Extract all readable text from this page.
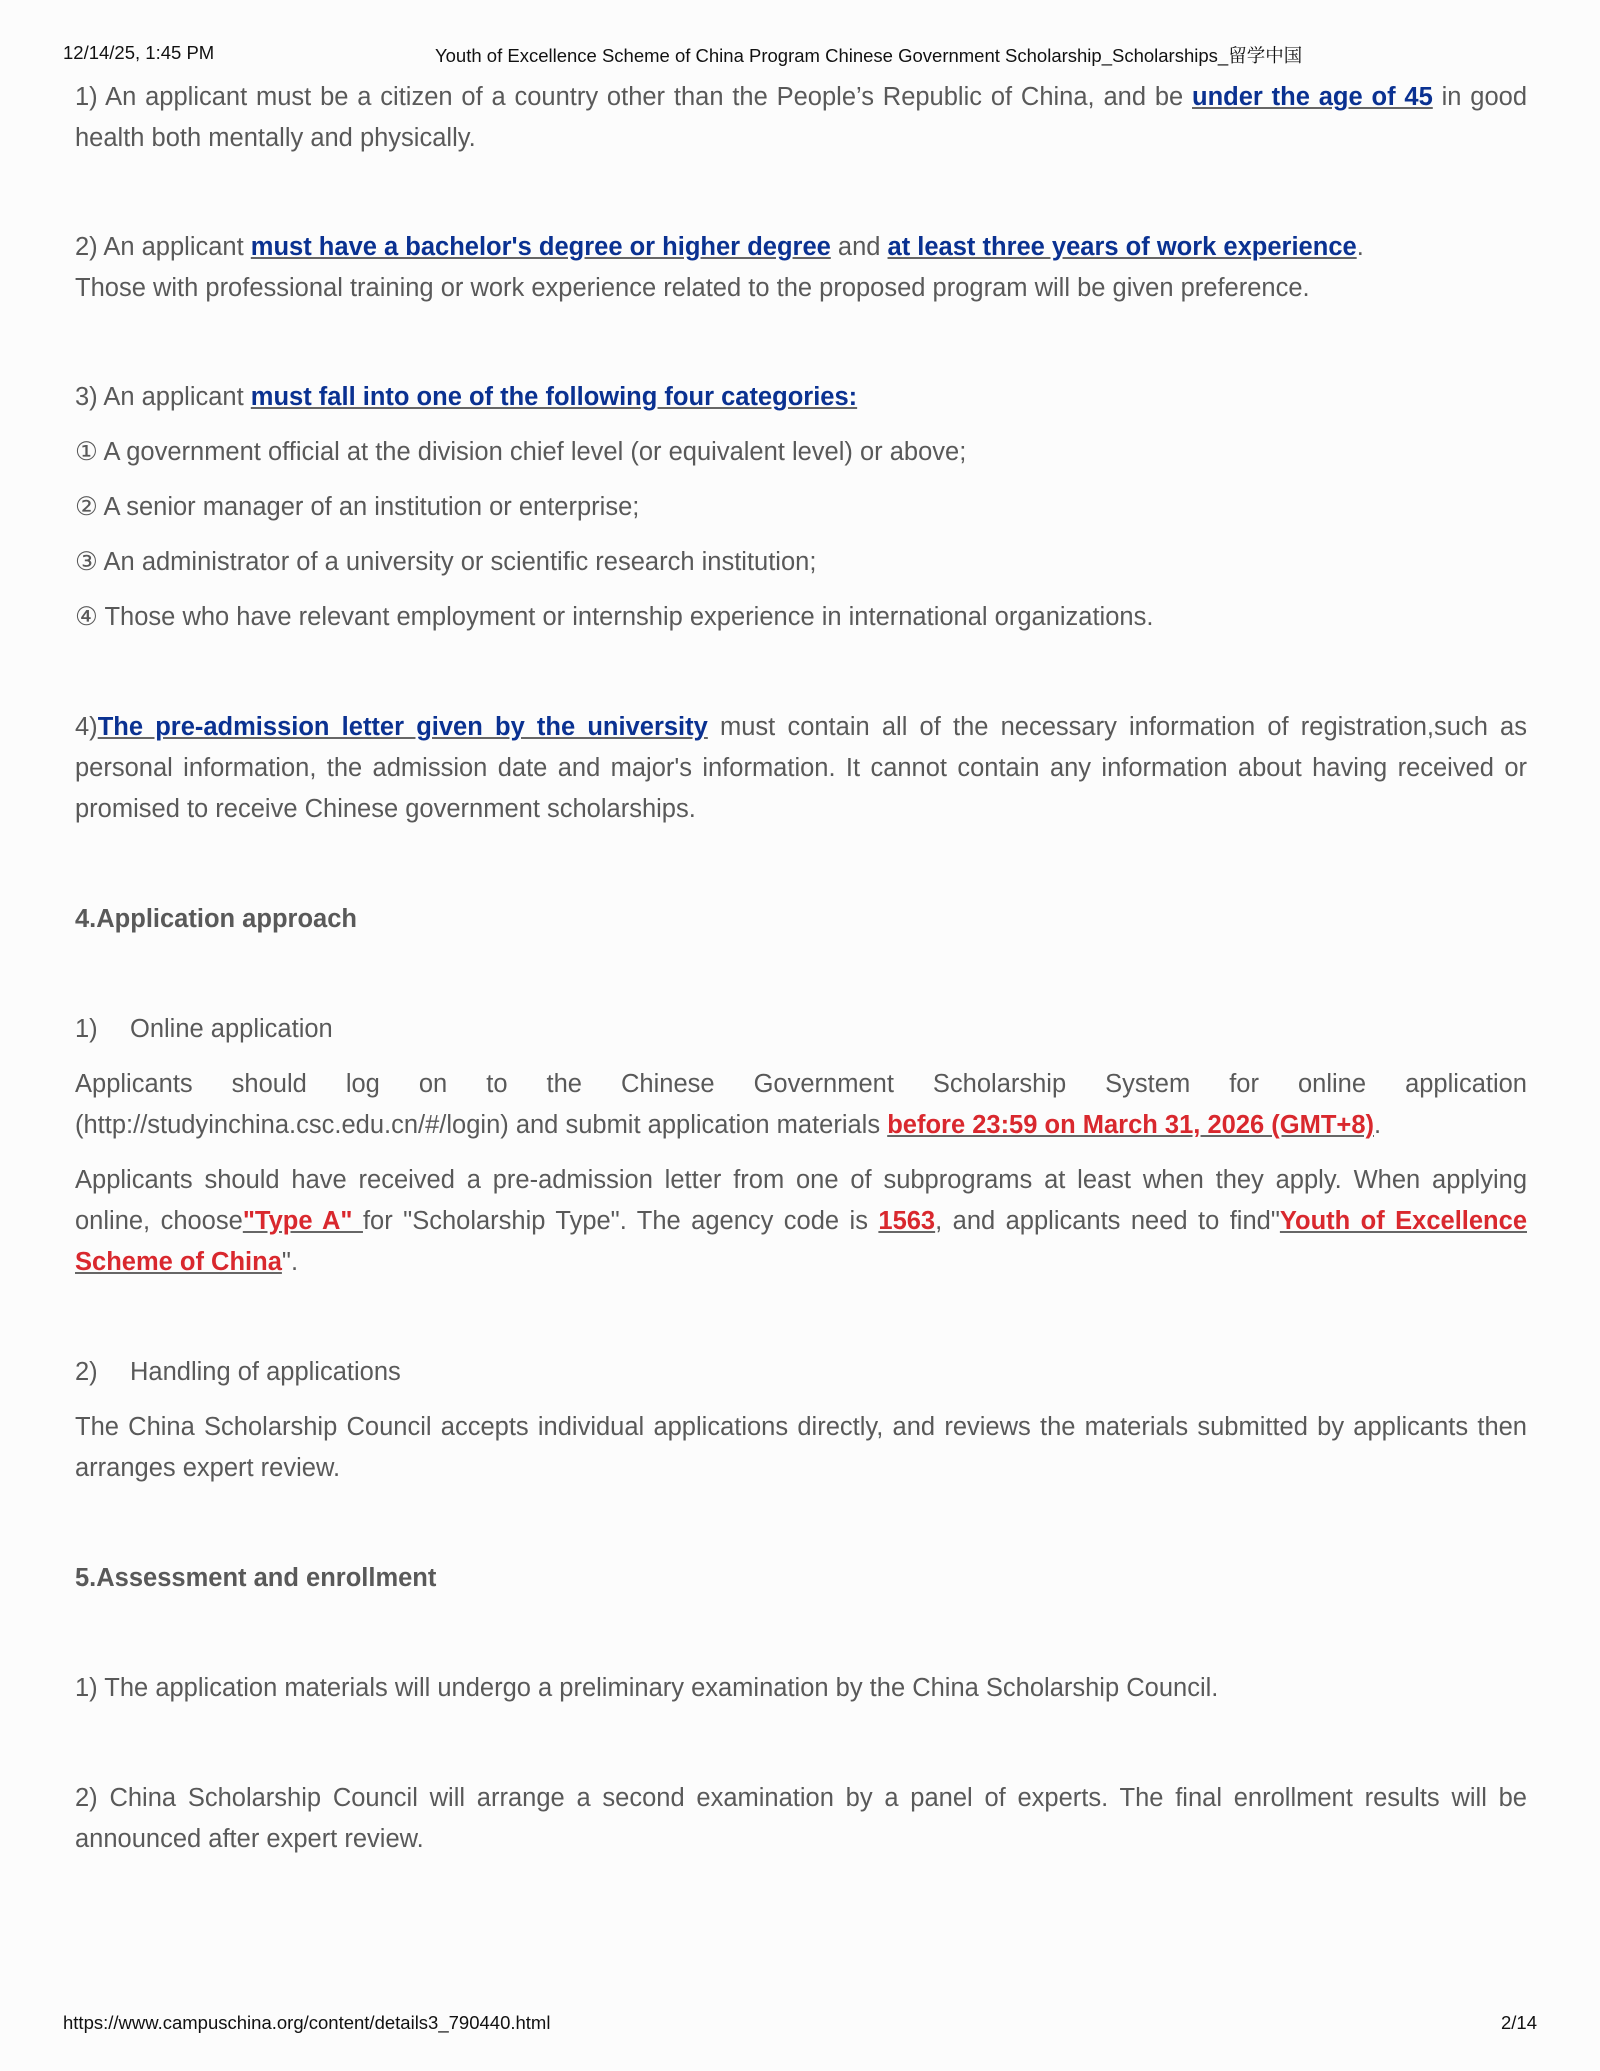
12/14/25, 1:45 PM	Youth of Excellence Scheme of China Program Chinese Government Scholarship_Scholarships_留学中国

1) An applicant must be a citizen of a country other than the People’s Republic of China, and be under the age of 45 in good health both mentally and physically.

2) An applicant must have a bachelor's degree or higher degree and at least three years of work experience.

Those with professional training or work experience related to the proposed program will be given preference.

3) An applicant must fall into one of the following four categories:

① A government official at the division chief level (or equivalent level) or above;
② A senior manager of an institution or enterprise;
③ An administrator of a university or scientific research institution;
④ Those who have relevant employment or internship experience in international organizations.

4)The pre-admission letter given by the university must contain all of the necessary information of registration,such as personal information, the admission date and major's information. It cannot contain any information about having received or promised to receive Chinese government scholarships.

4.Application approach
1) Online application

Applicants should log on to the Chinese Government Scholarship System for online application (http://studyinchina.csc.edu.cn/#/login) and submit application materials before 23:59 on March 31, 2026 (GMT+8).

Applicants should have received a pre-admission letter from one of subprograms at least when they apply. When applying online, choose"Type A" for "Scholarship Type". The agency code is 1563, and applicants need to find"Youth of Excellence Scheme of China".

2) Handling of applications

The China Scholarship Council accepts individual applications directly, and reviews the materials submitted by applicants then arranges expert review.

5.Assessment and enrollment

1) The application materials will undergo a preliminary examination by the China Scholarship Council.

2) China Scholarship Council will arrange a second examination by a panel of experts. The final enrollment results will be announced after expert review.

https://www.campuschina.org/content/details3_790440.html	2/14
